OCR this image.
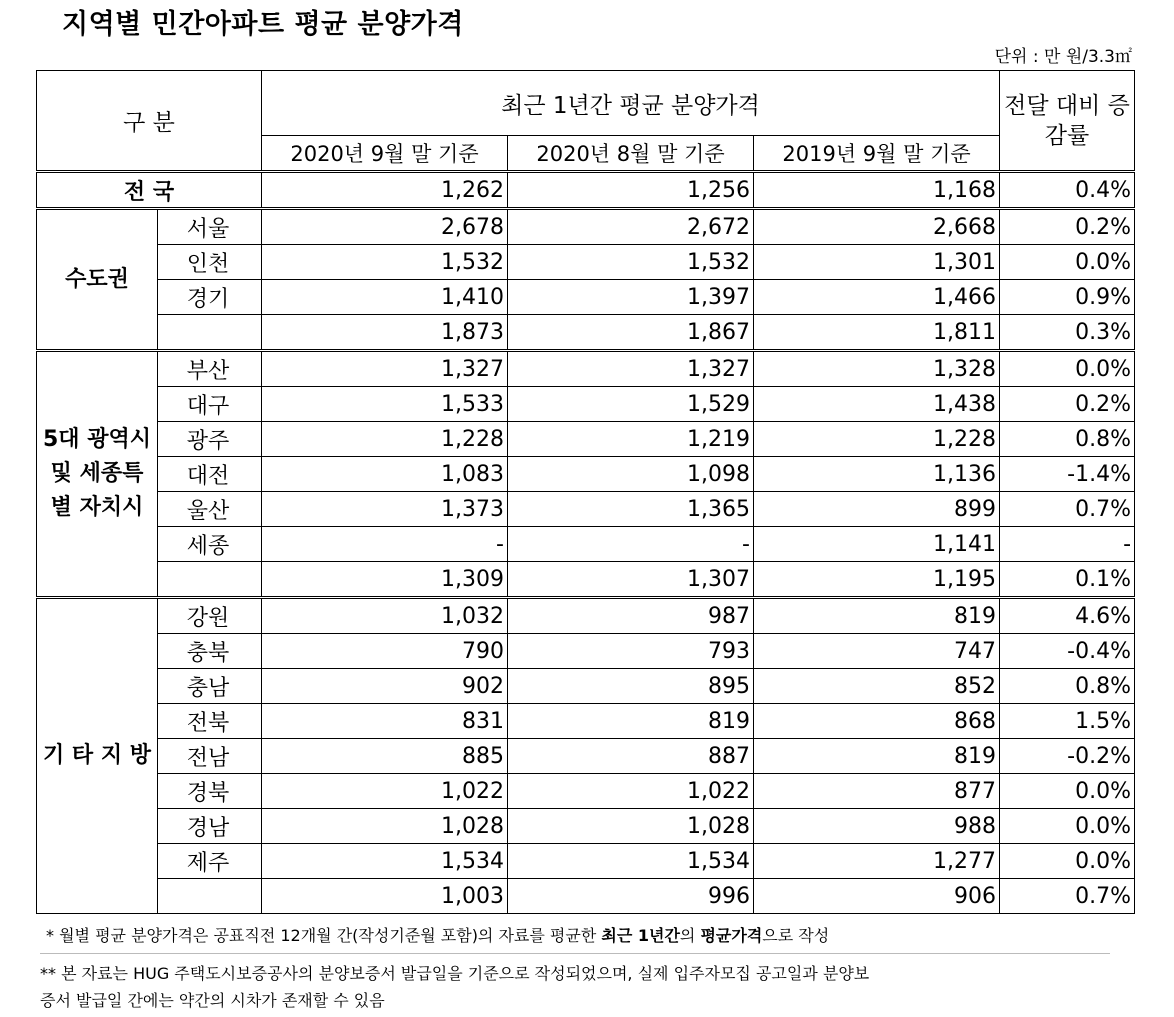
지역별 민간아파트 평균 분양가격
단위 : 만 원/3.3㎡
구 분		최근 1년간 평균 분양가격			전달 대비 증감률
		2020년 9월 말 기준	2020년 8월 말 기준	2019년 9월 말 기준	
전 국		1,262	1,256	1,168	0.4%
수도권	서울	2,678	2,672	2,668	0.2%
	인천	1,532	1,532	1,301	0.0%
	경기	1,410	1,397	1,466	0.9%
		1,873	1,867	1,811	0.3%
5대 광역시 및 세종특별 자치시	부산	1,327	1,327	1,328	0.0%
	대구	1,533	1,529	1,438	0.2%
	광주	1,228	1,219	1,228	0.8%
	대전	1,083	1,098	1,136	-1.4%
	울산	1,373	1,365	899	0.7%
	세종	-	-	1,141	-
		1,309	1,307	1,195	0.1%
기 타 지 방	강원	1,032	987	819	4.6%
	충북	790	793	747	-0.4%
	충남	902	895	852	0.8%
	전북	831	819	868	1.5%
	전남	885	887	819	-0.2%
	경북	1,022	1,022	877	0.0%
	경남	1,028	1,028	988	0.0%
	제주	1,534	1,534	1,277	0.0%
		1,003	996	906	0.7%
* 월별 평균 분양가격은 공표직전 12개월 간(작성기준월 포함)의 자료를 평균한 최근 1년간의 평균가격으로 작성
** 본 자료는 HUG 주택도시보증공사의 분양보증서 발급일을 기준으로 작성되었으며, 실제 입주자모집 공고일과 분양보
증서 발급일 간에는 약간의 시차가 존재할 수 있음
